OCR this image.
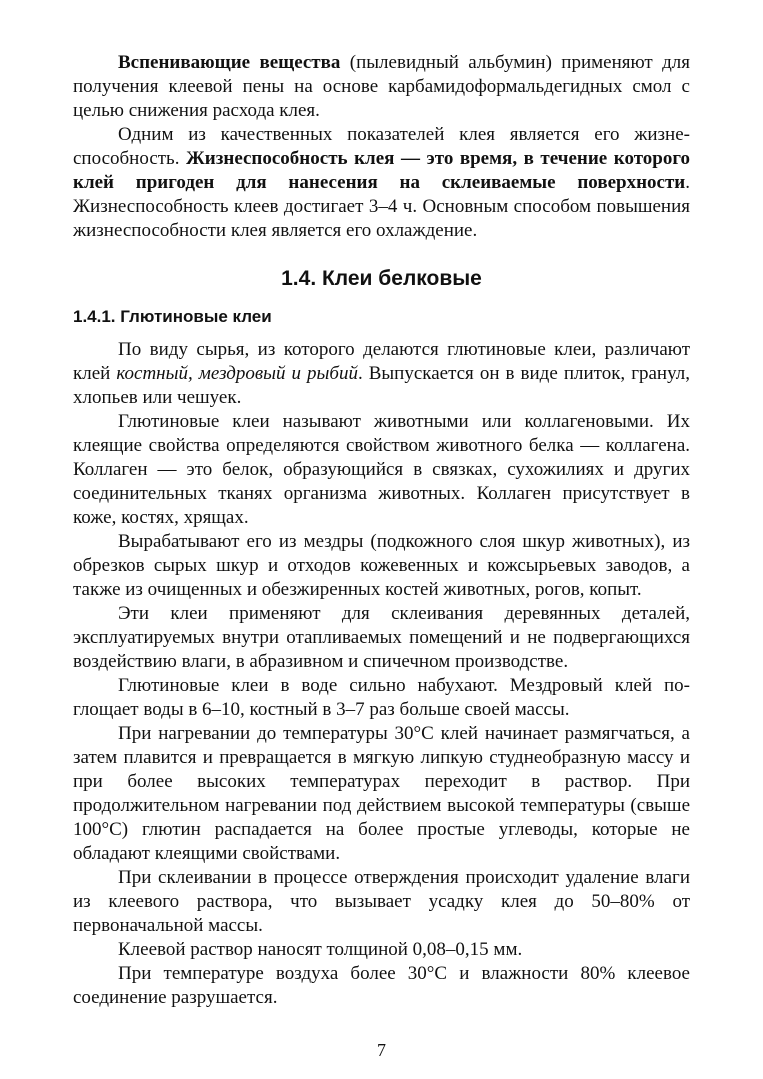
Вспенивающие вещества (пылевидный альбумин) применяют для получения клеевой пены на основе карбамидоформальдегидных смол с целью снижения расхода клея.

Одним из качественных показателей клея является его жизнеспособность. Жизнеспособность клея — это время, в течение которого клей пригоден для нанесения на склеиваемые поверхности. Жизнеспособность клеев достигает 3–4 ч. Основным способом повышения жизнеспособности клея является его охлаждение.

1.4. Клеи белковые
1.4.1. Глютиновые клеи

По виду сырья, из которого делаются глютиновые клеи, различают клей костный, мездровый и рыбий. Выпускается он в виде плиток, гранул, хлопьев или чешуек.

Глютиновые клеи называют животными или коллагеновыми. Их клеящие свойства определяются свойством животного белка — коллагена. Коллаген — это белок, образующийся в связках, сухожилиях и других соединительных тканях организма животных. Коллаген присутствует в коже, костях, хрящах.

Вырабатывают его из мездры (подкожного слоя шкур животных), из обрезков сырых шкур и отходов кожевенных и кожсырьевых заводов, а также из очищенных и обезжиренных костей животных, рогов, копыт.

Эти клеи применяют для склеивания деревянных деталей, эксплуатируемых внутри отапливаемых помещений и не подвергающихся воздействию влаги, в абразивном и спичечном производстве.

Глютиновые клеи в воде сильно набухают. Мездровый клей поглощает воды в 6–10, костный в 3–7 раз больше своей массы.

При нагревании до температуры 30°С клей начинает размягчаться, а затем плавится и превращается в мягкую липкую студнеобразную массу и при более высоких температурах переходит в раствор. При продолжительном нагревании под действием высокой температуры (свыше 100°С) глютин распадается на более простые углеводы, которые не обладают клеящими свойствами.

При склеивании в процессе отверждения происходит удаление влаги из клеевого раствора, что вызывает усадку клея до 50–80% от первоначальной массы.

Клеевой раствор наносят толщиной 0,08–0,15 мм.

При температуре воздуха более 30°С и влажности 80% клеевое соединение разрушается.

7
